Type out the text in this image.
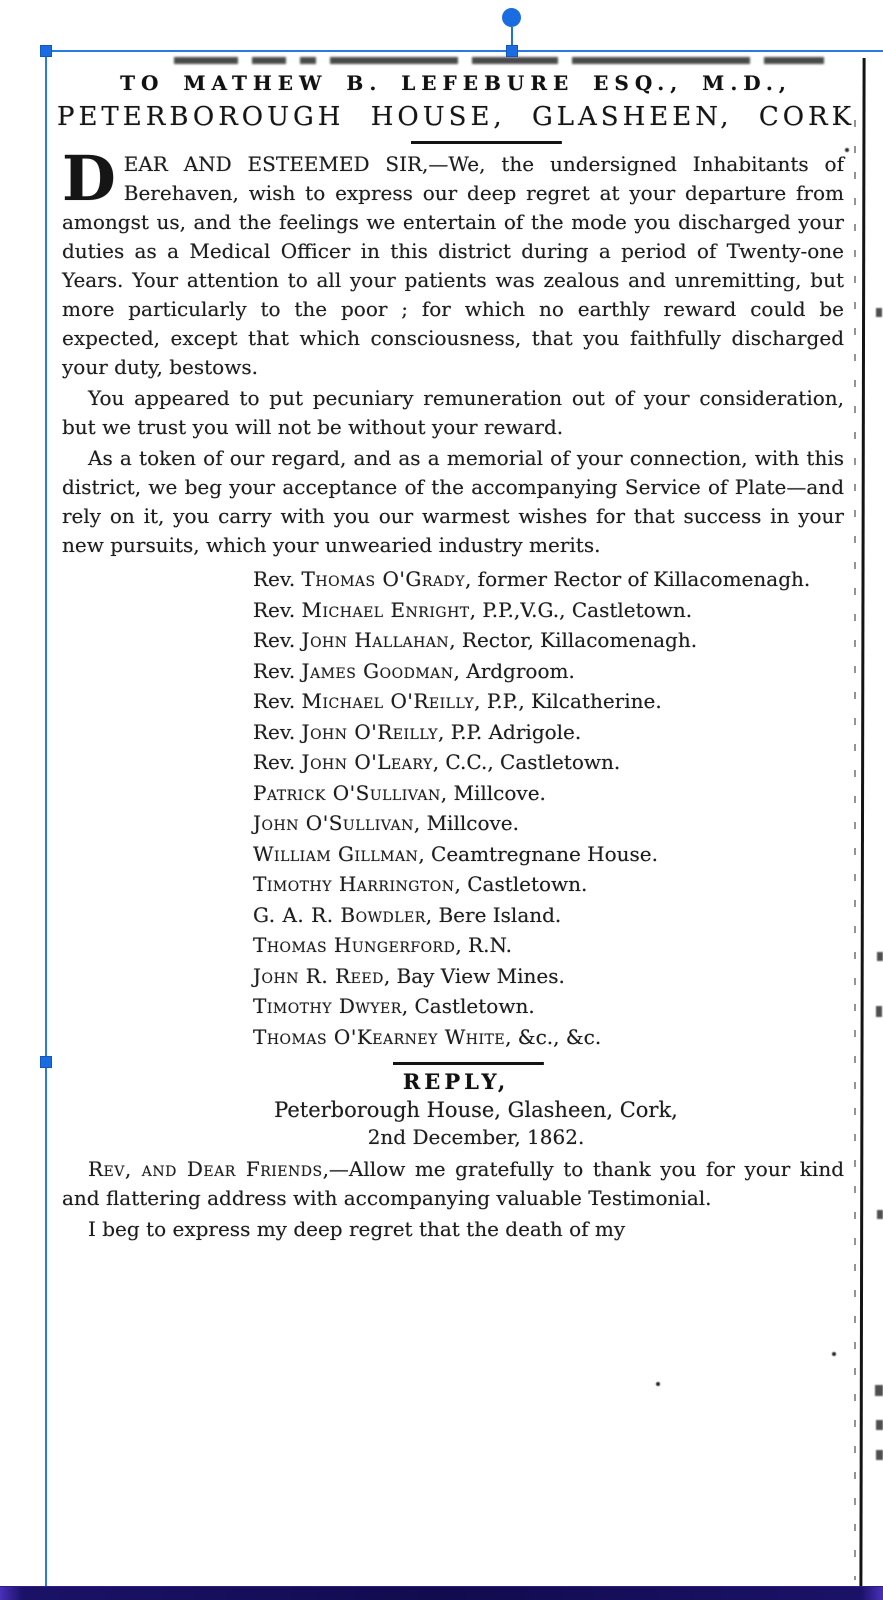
TO MATHEW B. LEFEBURE ESQ., M.D.,
PETERBOROUGH HOUSE, GLASHEEN, CORK

DEAR AND ESTEEMED SIR,—We, the undersigned Inhabitants of Berehaven, wish to express our deep regret at your departure from amongst us, and the feelings we entertain of the mode you discharged your duties as a Medical Officer in this district during a period of Twenty-one Years. Your attention to all your patients was zealous and unremitting, but more particularly to the poor ; for which no earthly reward could be expected, except that which consciousness, that you faithfully discharged your duty, bestows.

You appeared to put pecuniary remuneration out of your consideration, but we trust you will not be without your reward.

As a token of our regard, and as a memorial of your connection, with this district, we beg your acceptance of the accompanying Service of Plate—and rely on it, you carry with you our warmest wishes for that success in your new pursuits, which your unwearied industry merits.

Rev. Thomas O'Grady, former Rector of Killacomenagh.
Rev. Michael Enright, P.P.,V.G., Castletown.
Rev. John Hallahan, Rector, Killacomenagh.
Rev. James Goodman, Ardgroom.
Rev. Michael O'Reilly, P.P., Kilcatherine.
Rev. John O'Reilly, P.P. Adrigole.
Rev. John O'Leary, C.C., Castletown.
Patrick O'Sullivan, Millcove.
John O'Sullivan, Millcove.
William Gillman, Ceamtregnane House.
Timothy Harrington, Castletown.
G. A. R. Bowdler, Bere Island.
Thomas Hungerford, R.N.
John R. Reed, Bay View Mines.
Timothy Dwyer, Castletown.
Thomas O'Kearney White, &c., &c.
REPLY,
Peterborough House, Glasheen, Cork,
2nd December, 1862.

Rev, and Dear Friends,—Allow me gratefully to thank you for your kind and flattering address with accompanying valuable Testimonial.

I beg to express my deep regret that the death of my
